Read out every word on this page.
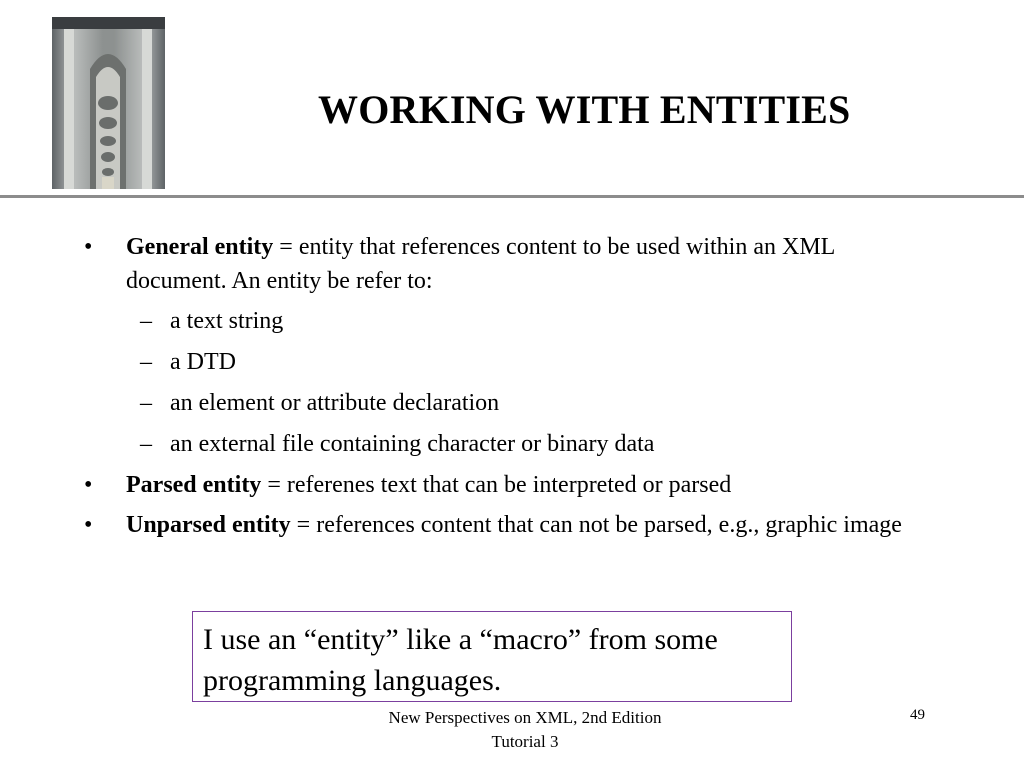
WORKING WITH ENTITIES
• General entity = entity that references content to be used within an XML document. An entity be refer to:
– a text string
– a DTD
– an element or attribute declaration
– an external file containing character or binary data
• Parsed entity = referenes text that can be interpreted or parsed
• Unparsed entity = references content that can not be parsed, e.g., graphic image
I use an “entity” like a “macro” from some programming languages.
New Perspectives on XML, 2nd Edition
Tutorial 3
49
